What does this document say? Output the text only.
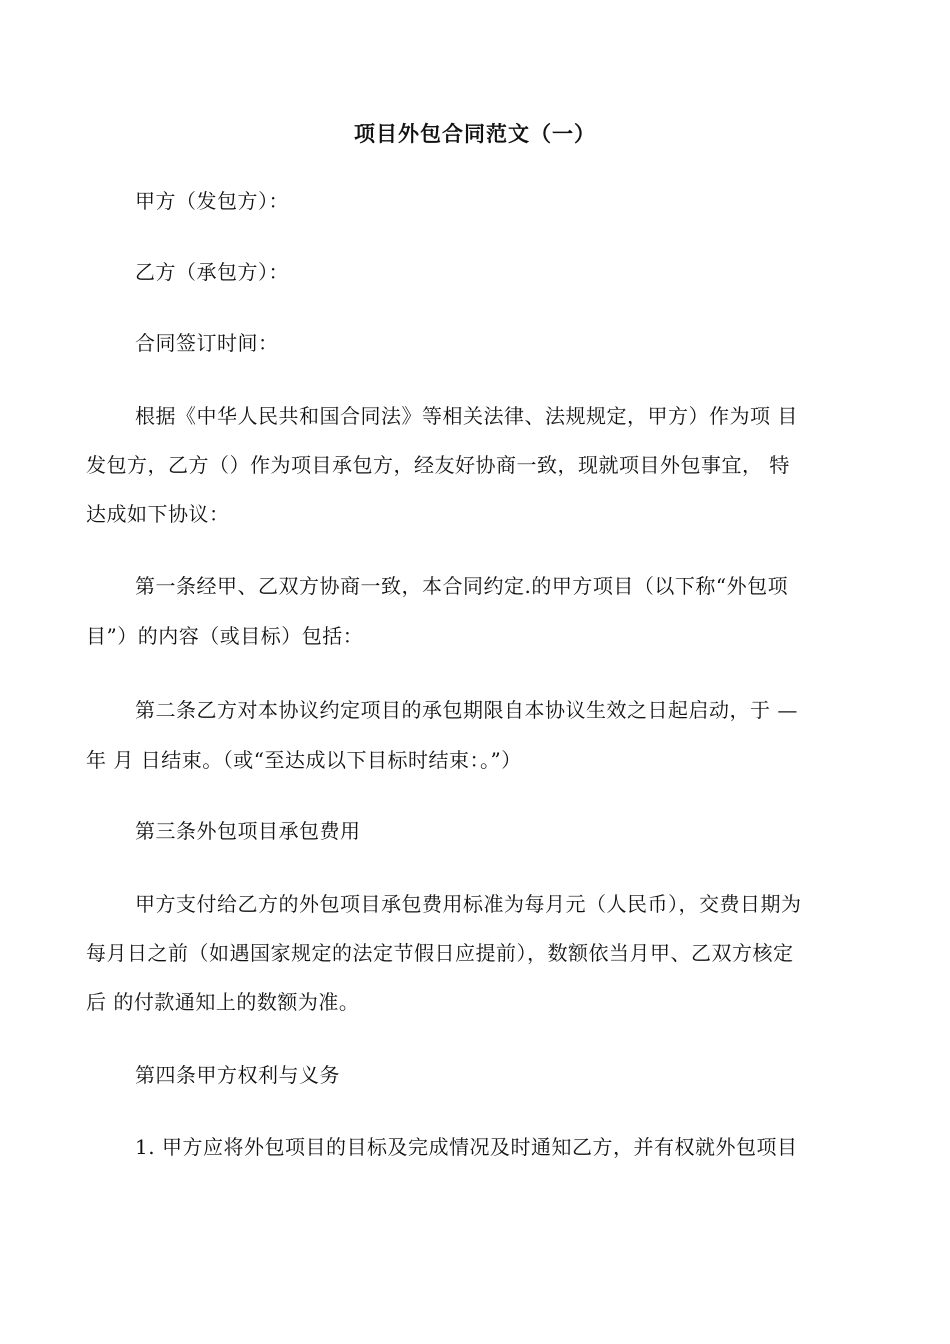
项目外包合同范文（一）
甲方（发包方）：
乙方（承包方）：
合同签订时间：
根据《中华人民共和国合同法》等相关法律、法规规定，甲方）作为项 目
发包方，乙方（）作为项目承包方，经友好协商一致，现就项目外包事宜， 特
达成如下协议：
第一条经甲、乙双方协商一致，本合同约定.的甲方项目（以下称“外包项
目”）的内容（或目标）包括：
第二条乙方对本协议约定项目的承包期限自本协议生效之日起启动，于 —
年 月 日结束。（或“至达成以下目标时结束：。”）
第三条外包项目承包费用
甲方支付给乙方的外包项目承包费用标准为每月元（人民币），交费日期为
每月日之前（如遇国家规定的法定节假日应提前），数额依当月甲、乙双方核定
后 的付款通知上的数额为准。
第四条甲方权利与义务
1. 甲方应将外包项目的目标及完成情况及时通知乙方，并有权就外包项目
